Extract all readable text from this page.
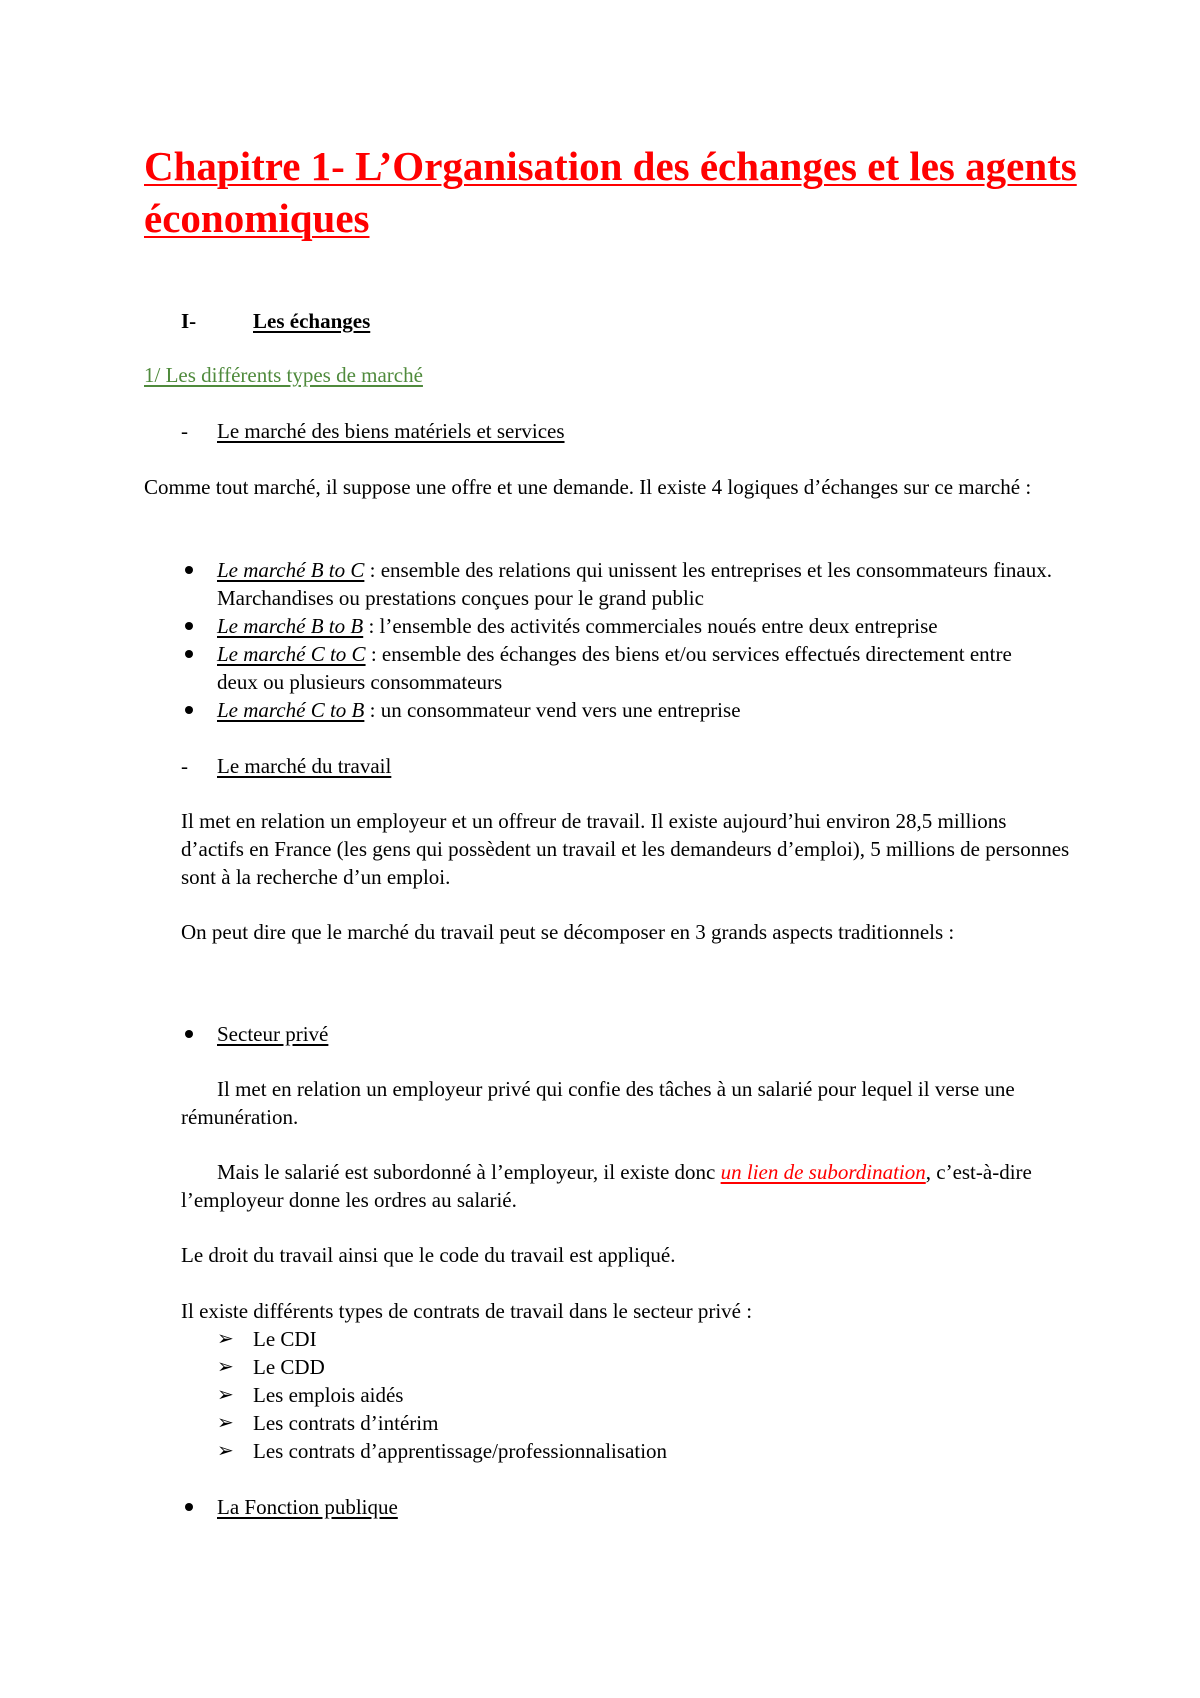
Chapitre 1- L’Organisation des échanges et les agents économiques
I-	Les échanges
1/ Les différents types de marché
- Le marché des biens matériels et services

Comme tout marché, il suppose une offre et une demande. Il existe 4 logiques d’échanges sur ce marché :

Le marché B to C : ensemble des relations qui unissent les entreprises et les consommateurs finaux. Marchandises ou prestations conçues pour le grand public

Le marché B to B : l’ensemble des activités commerciales noués entre deux entreprise

Le marché C to C : ensemble des échanges des biens et/ou services effectués directement entre deux ou plusieurs consommateurs

Le marché C to B : un consommateur vend vers une entreprise

- Le marché du travail

Il met en relation un employeur et un offreur de travail. Il existe aujourd’hui environ 28,5 millions d’actifs en France (les gens qui possèdent un travail et les demandeurs d’emploi), 5 millions de personnes sont à la recherche d’un emploi.

On peut dire que le marché du travail peut se décomposer en 3 grands aspects traditionnels :

Secteur privé

Il met en relation un employeur privé qui confie des tâches à un salarié pour lequel il verse une rémunération.

Mais le salarié est subordonné à l’employeur, il existe donc un lien de subordination, c’est-à-dire l’employeur donne les ordres au salarié.

Le droit du travail ainsi que le code du travail est appliqué.
Il existe différents types de contrats de travail dans le secteur privé :
➢ Le CDI
➢ Le CDD
➢ Les emplois aidés
➢ Les contrats d’intérim
➢ Les contrats d’apprentissage/professionnalisation
La Fonction publique
